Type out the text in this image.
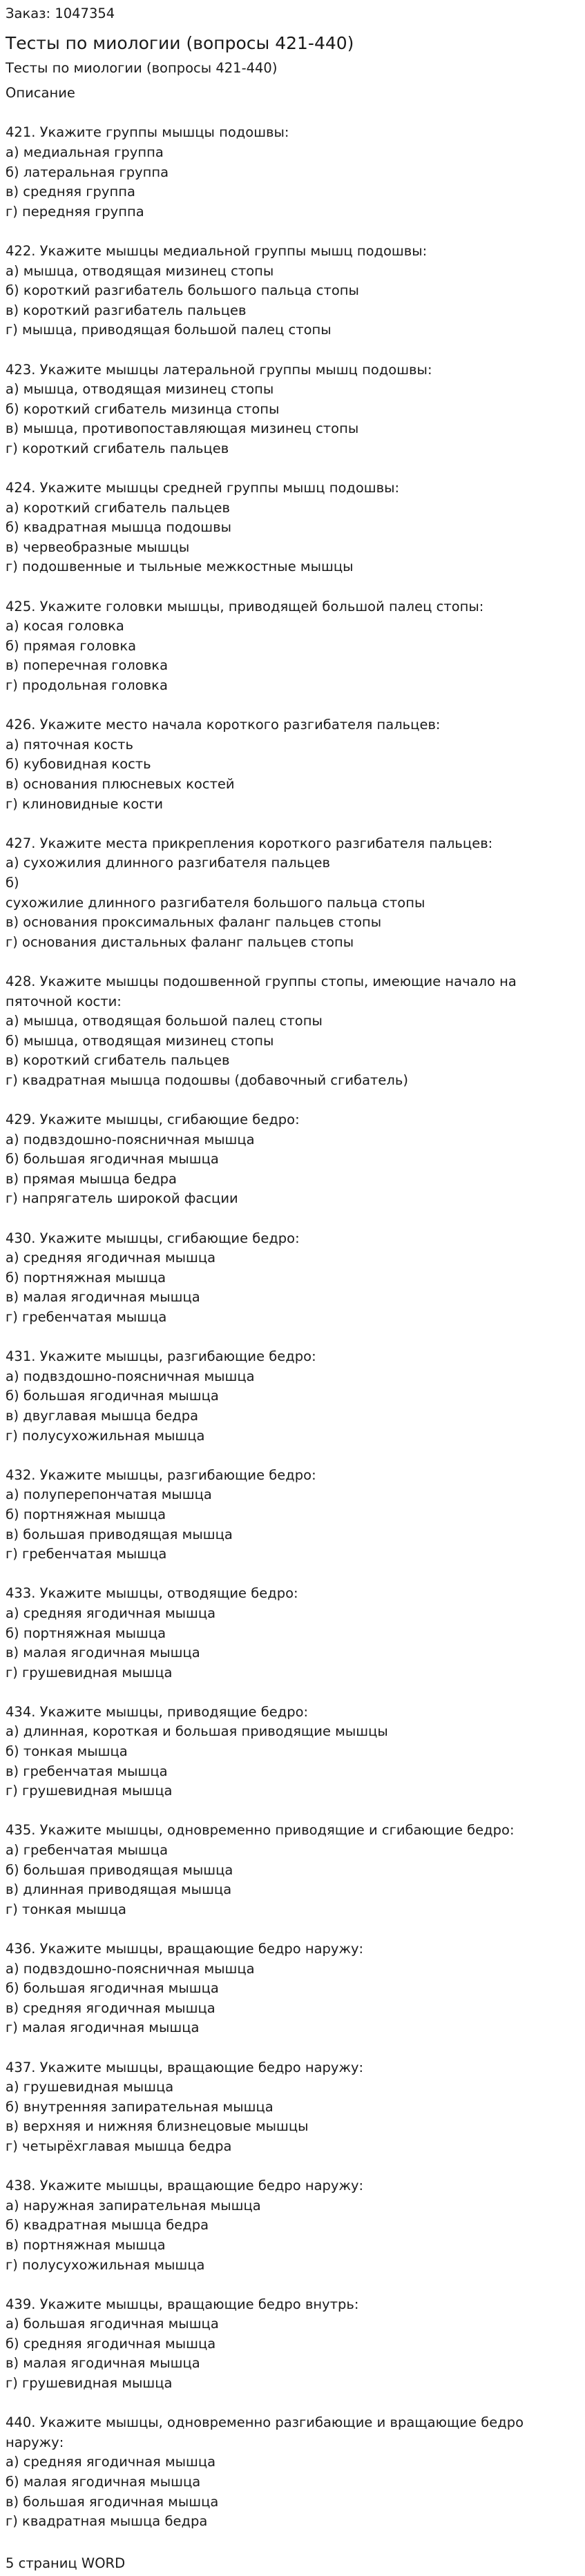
Заказ: 1047354

Тесты по миологии (вопросы 421-440)

Тесты по миологии (вопросы 421-440)

Описание

421. Укажите группы мышцы подошвы:

а) медиальная группа

б) латеральная группа

в) средняя группа

г) передняя группа

422. Укажите мышцы медиальной группы мышц подошвы:

а) мышца, отводящая мизинец стопы

б) короткий разгибатель большого пальца стопы

в) короткий разгибатель пальцев

г) мышца, приводящая большой палец стопы

423. Укажите мышцы латеральной группы мышц подошвы:

а) мышца, отводящая мизинец стопы

б) короткий сгибатель мизинца стопы

в) мышца, противопоставляющая мизинец стопы

г) короткий сгибатель пальцев

424. Укажите мышцы средней группы мышц подошвы:

а) короткий сгибатель пальцев

б) квадратная мышца подошвы

в) червеобразные мышцы

г) подошвенные и тыльные межкостные мышцы

425. Укажите головки мышцы, приводящей большой палец стопы:

а) косая головка

б) прямая головка

в) поперечная головка

г) продольная головка

426. Укажите место начала короткого разгибателя пальцев:

а) пяточная кость

б) кубовидная кость

в) основания плюсневых костей

г) клиновидные кости

427. Укажите места прикрепления короткого разгибателя пальцев:

а) сухожилия длинного разгибателя пальцев

б)
сухожилие длинного разгибателя большого пальца стопы

в) основания проксимальных фаланг пальцев стопы

г) основания дистальных фаланг пальцев стопы

428. Укажите мышцы подошвенной группы стопы, имеющие начало на пяточной кости:

а) мышца, отводящая большой палец стопы

б) мышца, отводящая мизинец стопы

в) короткий сгибатель пальцев

г) квадратная мышца подошвы (добавочный сгибатель)

429. Укажите мышцы, сгибающие бедро:

а) подвздошно-поясничная мышца

б) большая ягодичная мышца

в) прямая мышца бедра

г) напрягатель широкой фасции

430. Укажите мышцы, сгибающие бедро:

а) средняя ягодичная мышца

б) портняжная мышца

в) малая ягодичная мышца

г) гребенчатая мышца

431. Укажите мышцы, разгибающие бедро:

а) подвздошно-поясничная мышца

б) большая ягодичная мышца

в) двуглавая мышца бедра

г) полусухожильная мышца

432. Укажите мышцы, разгибающие бедро:

а) полуперепончатая мышца

б) портняжная мышца

в) большая приводящая мышца

г) гребенчатая мышца

433. Укажите мышцы, отводящие бедро:

а) средняя ягодичная мышца

б) портняжная мышца

в) малая ягодичная мышца

г) грушевидная мышца

434. Укажите мышцы, приводящие бедро:

а) длинная, короткая и большая приводящие мышцы

б) тонкая мышца

в) гребенчатая мышца

г) грушевидная мышца

435. Укажите мышцы, одновременно приводящие и сгибающие бедро:

а) гребенчатая мышца

б) большая приводящая мышца

в) длинная приводящая мышца

г) тонкая мышца

436. Укажите мышцы, вращающие бедро наружу:

а) подвздошно-поясничная мышца

б) большая ягодичная мышца

в) средняя ягодичная мышца

г) малая ягодичная мышца

437. Укажите мышцы, вращающие бедро наружу:

а) грушевидная мышца

б) внутренняя запирательная мышца

в) верхняя и нижняя близнецовые мышцы

г) четырёхглавая мышца бедра

438. Укажите мышцы, вращающие бедро наружу:

а) наружная запирательная мышца

б) квадратная мышца бедра

в) портняжная мышца

г) полусухожильная мышца

439. Укажите мышцы, вращающие бедро внутрь:

а) большая ягодичная мышца

б) средняя ягодичная мышца

в) малая ягодичная мышца

г) грушевидная мышца

440. Укажите мышцы, одновременно разгибающие и вращающие бедро наружу:

а) средняя ягодичная мышца

б) малая ягодичная мышца

в) большая ягодичная мышца

г) квадратная мышца бедра

5 страниц WORD
